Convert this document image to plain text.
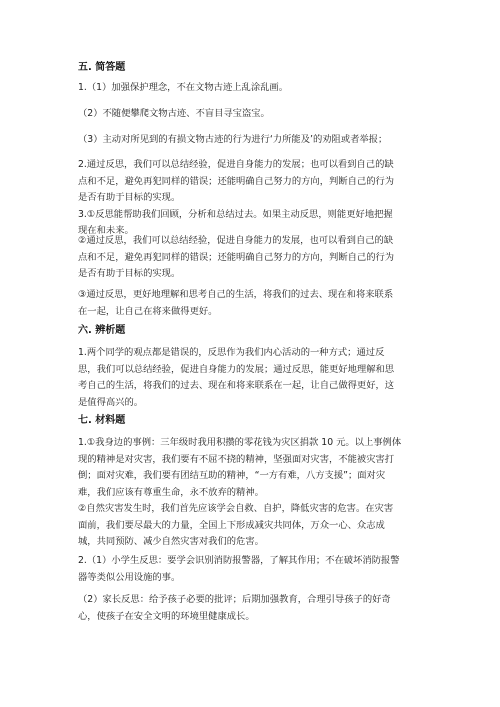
五. 简答题
1.（1）加强保护理念，不在文物古迹上乱涂乱画。
（2）不随便攀爬文物古迹、不盲目寻宝盗宝。
（3）主动对所见到的有损文物古迹的行为进行‘力所能及’的劝阻或者举报；
2.通过反思，我们可以总结经验，促进自身能力的发展；也可以看到自己的缺
点和不足，避免再犯同样的错误；还能明确自己努力的方向，判断自己的行为
是否有助于目标的实现。
3.①反思能帮助我们回顾，分析和总结过去。如果主动反思，则能更好地把握
现在和未来。
②通过反思，我们可以总结经验，促进自身能力的发展，也可以看到自己的缺
点和不足，避免再犯同样的错误；还能明确自己努力的方向，判断自己的行为
是否有助于目标的实现。
③通过反思，更好地理解和思考自己的生活，将我们的过去、现在和将来联系
在一起，让自己在将来做得更好。
六. 辨析题
1.两个同学的观点都是错误的，反思作为我们内心活动的一种方式；通过反
思，我们可以总结经验，促进自身能力的发展；通过反思，能更好地理解和思
考自己的生活，将我们的过去、现在和将来联系在一起，让自己做得更好，这
是值得高兴的。
七. 材料题
1.①我身边的事例：三年级时我用积攒的零花钱为灾区捐款 10 元。以上事例体
现的精神是对灾害，我们要有不屈不挠的精神，坚强面对灾害，不能被灾害打
倒；面对灾难，我们要有团结互助的精神，“一方有难，八方支援”；面对灾
难，我们应该有尊重生命，永不放弃的精神。
②自然灾害发生时，我们首先应该学会自救、自护，降低灾害的危害。在灾害
面前，我们要尽最大的力量，全国上下形成减灾共同体，万众一心、众志成
城，共同预防、减少自然灾害对我们的危害。
2.（1）小学生反思：要学会识别消防报警器，了解其作用；不在破坏消防报警
器等类似公用设施的事。
（2）家长反思：给予孩子必要的批评；后期加强教育，合理引导孩子的好奇
心，使孩子在安全文明的环境里健康成长。
